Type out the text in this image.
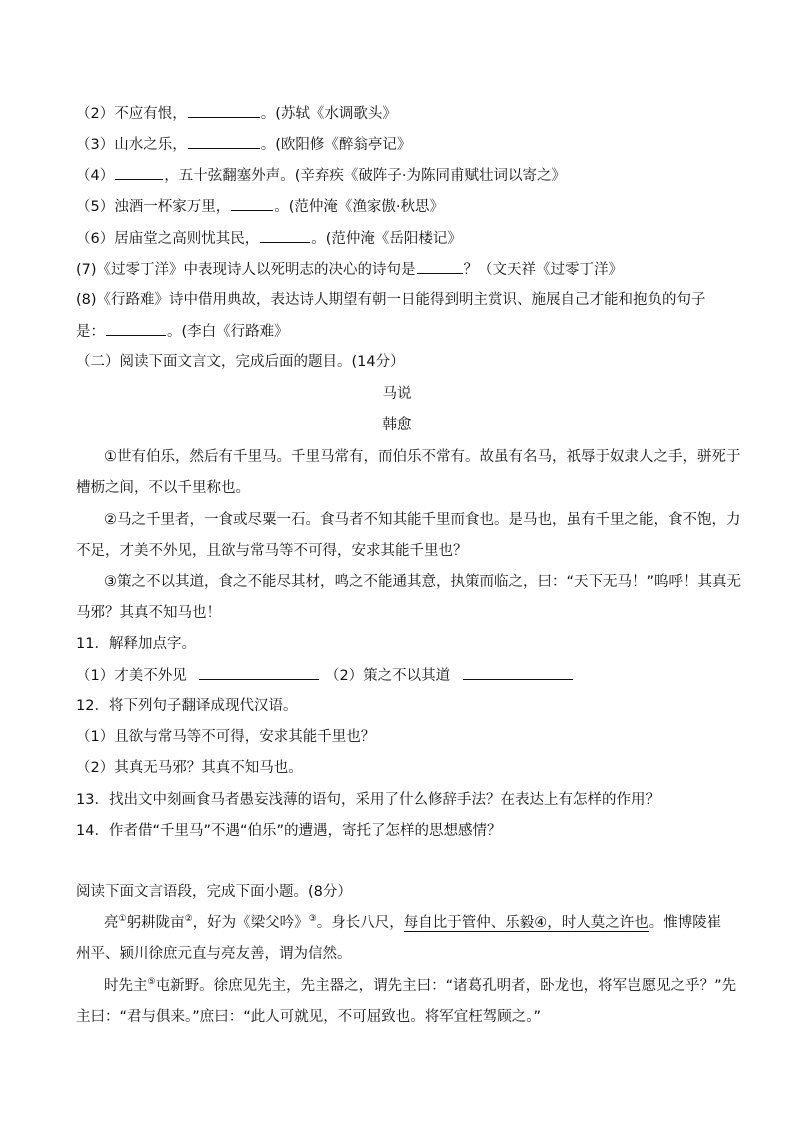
（2）不应有恨，	。(苏轼《水调歌头》
（3）山水之乐，	。(欧阳修《醉翁亭记》
（4）	，五十弦翻塞外声。(辛弃疾《破阵子·为陈同甫赋壮词以寄之》
（5）浊酒一杯家万里，	。(范仲淹《渔家傲·秋思》
（6）居庙堂之高则忧其民，	。(范仲淹《岳阳楼记》
(7)《过零丁洋》中表现诗人以死明志的决心的诗句是	？（文天祥《过零丁洋》
(8)《行路难》诗中借用典故，表达诗人期望有朝一日能得到明主赏识、施展自己才能和抱负的句子
是：	。(李白《行路难》
（二）阅读下面文言文，完成后面的题目。(14分）
马说
韩愈
①世有伯乐，然后有千里马。千里马常有，而伯乐不常有。故虽有名马，祇辱于奴隶人之手，骈死于
槽枥之间，不以千里称也。
②马之千里者，一食或尽粟一石。食马者不知其能千里而食也。是马也，虽有千里之能，食不饱，力
不足，才美不外见，且欲与常马等不可得，安求其能千里也？
③策之不以其道，食之不能尽其材，鸣之不能通其意，执策而临之，曰：“天下无马！”呜呼！其真无
马邪？其真不知马也！
11．解释加点字。
（1）才美不外见	（2）策之不以其道
12．将下列句子翻译成现代汉语。
（1）且欲与常马等不可得，安求其能千里也？
（2）其真无马邪？其真不知马也。
13．找出文中刻画食马者愚妄浅薄的语句，采用了什么修辞手法？在表达上有怎样的作用？
14．作者借“千里马”不遇“伯乐”的遭遇，寄托了怎样的思想感情？
阅读下面文言语段，完成下面小题。(8分）
亮①躬耕陇亩②，好为《梁父吟》③。身长八尺，每自比于管仲、乐毅④，时人莫之许也。惟博陵崔
州平、颍川徐庶元直与亮友善，谓为信然。
时先主⑤屯新野。徐庶见先主，先主器之，谓先主曰：“诸葛孔明者，卧龙也，将军岂愿见之乎？”先
主曰：“君与俱来。”庶曰：“此人可就见，不可屈致也。将军宜枉驾顾之。”
